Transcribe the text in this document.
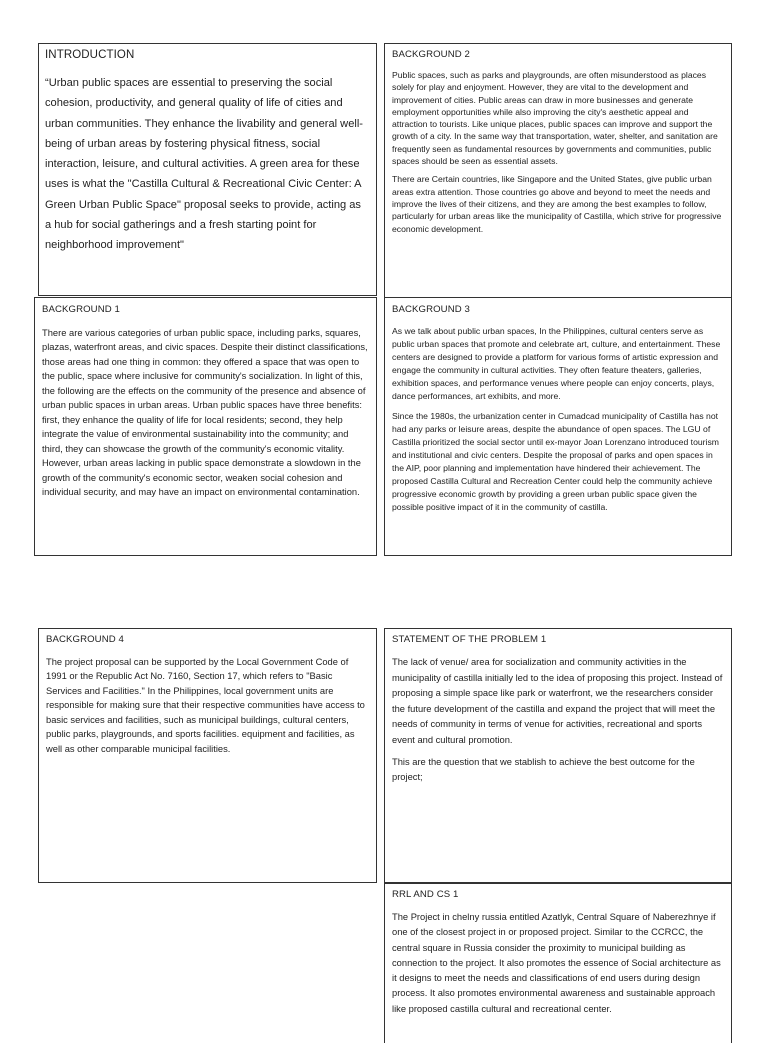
INTRODUCTION

“Urban public spaces are essential to preserving the social cohesion, productivity, and general quality of life of cities and urban communities. They enhance the livability and general well-being of urban areas by fostering physical fitness, social interaction, leisure, and cultural activities. A green area for these uses is what the "Castilla Cultural & Recreational Civic Center: A Green Urban Public Space" proposal seeks to provide, acting as a hub for social gatherings and a fresh starting point for neighborhood improvement"

BACKGROUND 2

Public spaces, such as parks and playgrounds, are often misunderstood as places solely for play and enjoyment. However, they are vital to the development and improvement of cities. Public areas can draw in more businesses and generate employment opportunities while also improving the city's aesthetic appeal and attraction to tourists. Like unique places, public spaces can improve and support the growth of a city. In the same way that transportation, water, shelter, and sanitation are frequently seen as fundamental resources by governments and communities, public spaces should be seen as essential assets.

There are Certain countries, like Singapore and the United States, give public urban areas extra attention. Those countries go above and beyond to meet the needs and improve the lives of their citizens, and they are among the best examples to follow, particularly for urban areas like the municipality of Castilla, which strive for progressive economic development.

BACKGROUND 1

There are various categories of urban public space, including parks, squares, plazas, waterfront areas, and civic spaces. Despite their distinct classifications, those areas had one thing in common: they offered a space that was open to the public, space where inclusive for community's socialization. In light of this, the following are the effects on the community of the presence and absence of urban public spaces in urban areas. Urban public spaces have three benefits: first, they enhance the quality of life for local residents; second, they help integrate the value of environmental sustainability into the community; and third, they can showcase the growth of the community's economic vitality. However, urban areas lacking in public space demonstrate a slowdown in the growth of the community's economic sector, weaken social cohesion and individual security, and may have an impact on environmental contamination.

BACKGROUND 3

As we talk about public urban spaces, In the Philippines, cultural centers serve as public urban spaces that promote and celebrate art, culture, and entertainment. These centers are designed to provide a platform for various forms of artistic expression and engage the community in cultural activities. They often feature theaters, galleries, exhibition spaces, and performance venues where people can enjoy concerts, plays, dance performances, art exhibits, and more.

Since the 1980s, the urbanization center in Cumadcad municipality of Castilla has not had any parks or leisure areas, despite the abundance of open spaces. The LGU of Castilla prioritized the social sector until ex-mayor Joan Lorenzano introduced tourism and institutional and civic centers. Despite the proposal of parks and open spaces in the AIP, poor planning and implementation have hindered their achievement. The proposed Castilla Cultural and Recreation Center could help the community achieve progressive economic growth by providing a green urban public space given the possible positive impact of it in the community of castilla.

BACKGROUND 4

The project proposal can be supported by the Local Government Code of 1991 or the Republic Act No. 7160, Section 17, which refers to "Basic Services and Facilities." In the Philippines, local government units are responsible for making sure that their respective communities have access to basic services and facilities, such as municipal buildings, cultural centers, public parks, playgrounds, and sports facilities. equipment and facilities, as well as other comparable municipal facilities.

STATEMENT OF THE PROBLEM 1

The lack of venue/ area for socialization and community activities in the municipality of castilla initially led to the idea of proposing this project. Instead of proposing a simple space like park or waterfront, we the researchers consider the future development of the castilla and expand the project that will meet the needs of community in terms of venue for activities, recreational and sports event and cultural promotion.

This are the question that we stablish to achieve the best outcome for the project;

RRL AND CS 1

The Project in chelny russia entitled Azatlyk, Central Square of Naberezhnye if one of the closest project in or proposed project. Similar to the CCRCC, the central square in Russia consider the proximity to municipal building as connection to the project. It also promotes the essence of Social architecture as it designs to meet the needs and classifications of end users during design process. It also promotes environmental awareness and sustainable approach like proposed castilla cultural and recreational center.
